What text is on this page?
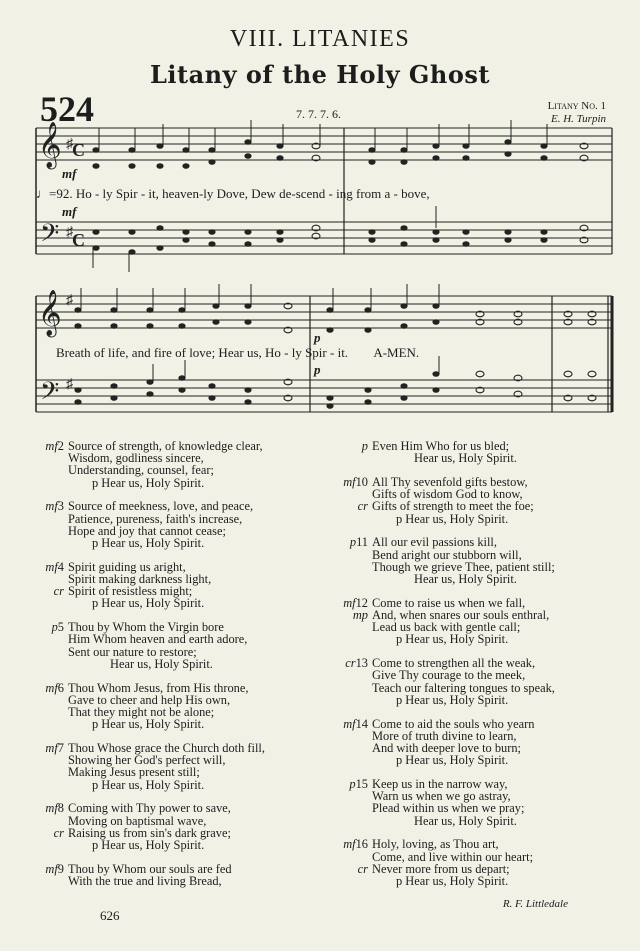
VIII. LITANIES
Litany of the Holy Ghost
524	7. 7. 7. 6.
Litany No. 1
E. H. Turpin
𝄞
𝄢
𝄞
𝄢
♯ C
♯ C
♯
♯
mf
mf
p
p
♩=92. Ho - ly Spir - it, heaven-ly Dove, Dew de-scend - ing from a - bove,
Breath of life, and fire of love; Hear us, Ho - ly Spir - it. A-MEN.
mf2 Source of strength, of knowledge clear,
Wisdom, godliness sincere,
Understanding, counsel, fear;
p Hear us, Holy Spirit.
mf3 Source of meekness, love, and peace,
Patience, pureness, faith's increase,
Hope and joy that cannot cease;
p Hear us, Holy Spirit.
mf4 Spirit guiding us aright,
Spirit making darkness light,
cr Spirit of resistless might;
p Hear us, Holy Spirit.
p5 Thou by Whom the Virgin bore
Him Whom heaven and earth adore,
Sent our nature to restore;
Hear us, Holy Spirit.
mf6 Thou Whom Jesus, from His throne,
Gave to cheer and help His own,
That they might not be alone;
p Hear us, Holy Spirit.
mf7 Thou Whose grace the Church doth fill,
Showing her God's perfect will,
Making Jesus present still;
p Hear us, Holy Spirit.
mf8 Coming with Thy power to save,
Moving on baptismal wave,
cr Raising us from sin's dark grave;
p Hear us, Holy Spirit.
mf9 Thou by Whom our souls are fed
With the true and living Bread,
p Even Him Who for us bled;
Hear us, Holy Spirit.
mf10 All Thy sevenfold gifts bestow,
Gifts of wisdom God to know,
cr Gifts of strength to meet the foe;
p Hear us, Holy Spirit.
p11 All our evil passions kill,
Bend aright our stubborn will,
Though we grieve Thee, patient still;
Hear us, Holy Spirit.
mf12 Come to raise us when we fall,
mp And, when snares our souls enthral,
Lead us back with gentle call;
p Hear us, Holy Spirit.
cr13 Come to strengthen all the weak,
Give Thy courage to the meek,
Teach our faltering tongues to speak,
p Hear us, Holy Spirit.
mf14 Come to aid the souls who yearn
More of truth divine to learn,
And with deeper love to burn;
p Hear us, Holy Spirit.
p15 Keep us in the narrow way,
Warn us when we go astray,
Plead within us when we pray;
Hear us, Holy Spirit.
mf16 Holy, loving, as Thou art,
Come, and live within our heart;
cr Never more from us depart;
p Hear us, Holy Spirit.
R. F. Littledale
626
